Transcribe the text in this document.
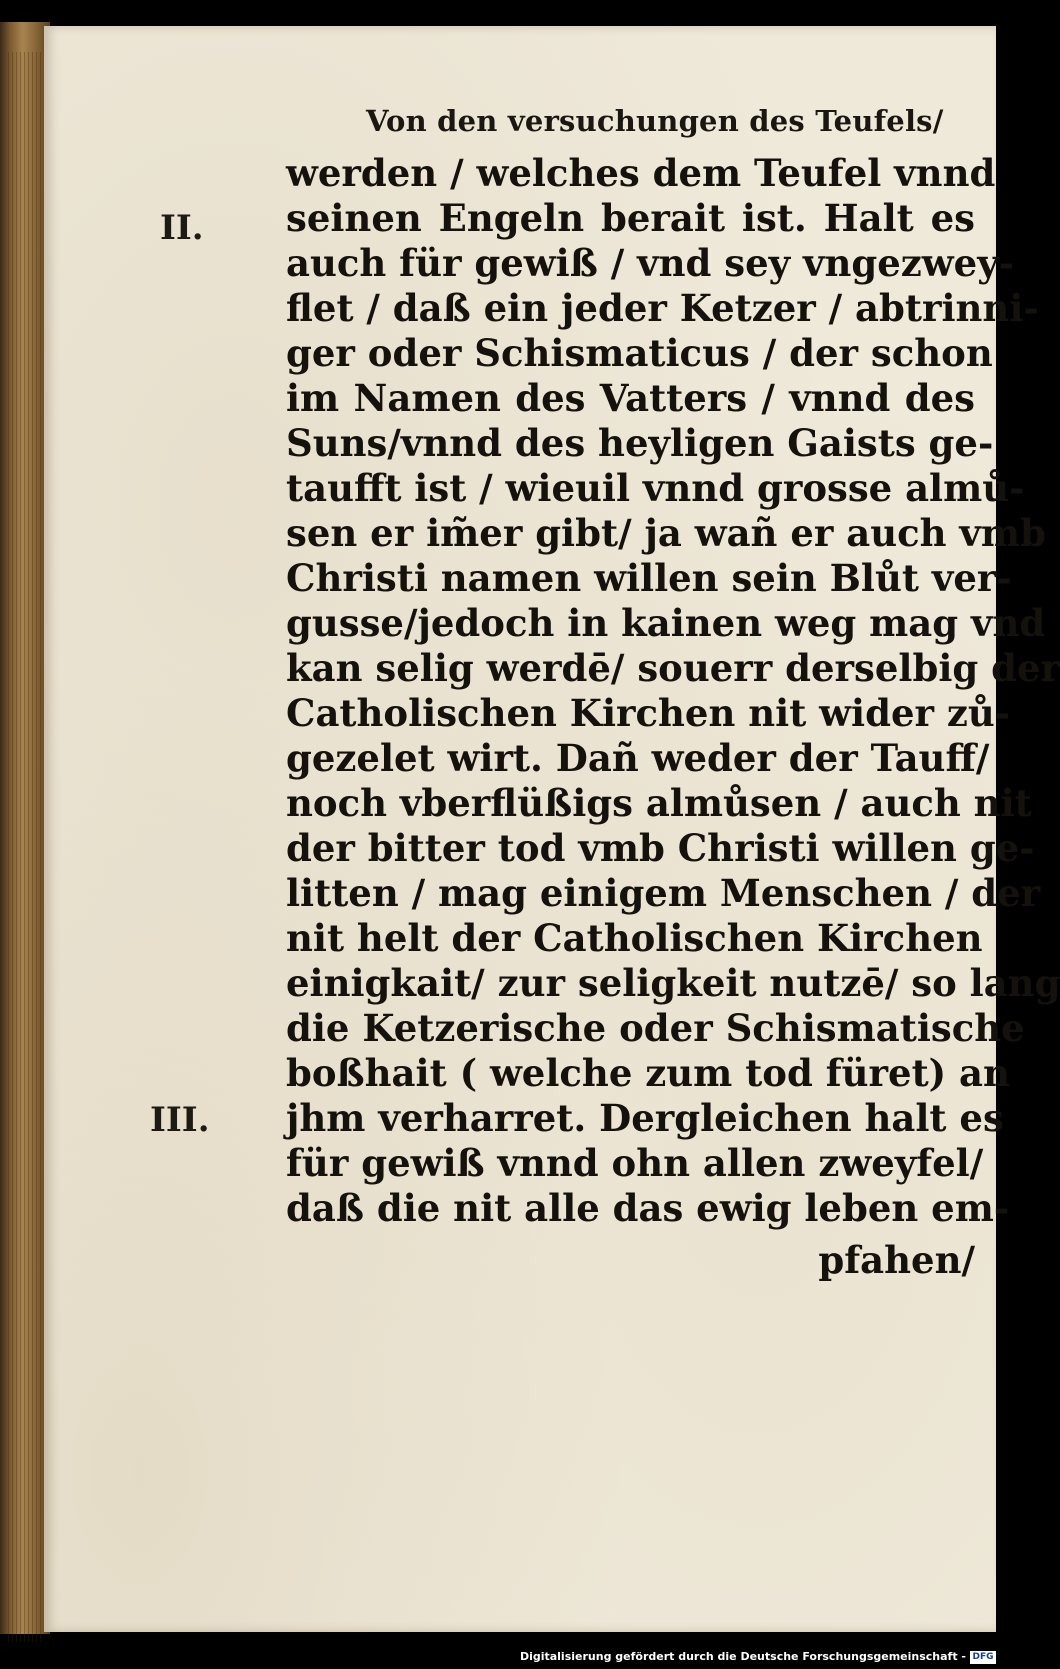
Von den versuchungen des Teufels/
II.
III.
werden / welches dem Teufel vnnd
seinen Engeln berait ist. Halt es
auch für gewiß / vnd sey vngezwey-
flet / daß ein jeder Ketzer / abtrinni-
ger oder Schismaticus / der schon
im Namen des Vatters / vnnd des
Suns/vnnd des heyligen Gaists ge-
taufft ist / wieuil vnnd grosse almů-
sen er im̃er gibt/ ja wañ er auch vmb
Christi namen willen sein Blůt ver-
gusse/jedoch in kainen weg mag vnd
kan selig werdē/ souerr derselbig der
Catholischen Kirchen nit wider zů-
gezelet wirt. Dañ weder der Tauff/
noch vberflüßigs almůsen / auch nit
der bitter tod vmb Christi willen ge-
litten / mag einigem Menschen / der
nit helt der Catholischen Kirchen
einigkait/ zur seligkeit nutzē/ so lang
die Ketzerische oder Schismatische
boßhait ( welche zum tod füret) an
jhm verharret. Dergleichen halt es
für gewiß vnnd ohn allen zweyfel/
daß die nit alle das ewig leben em-
pfahen/
Digitalisierung gefördert durch die Deutsche Forschungsgemeinschaft - DFG
